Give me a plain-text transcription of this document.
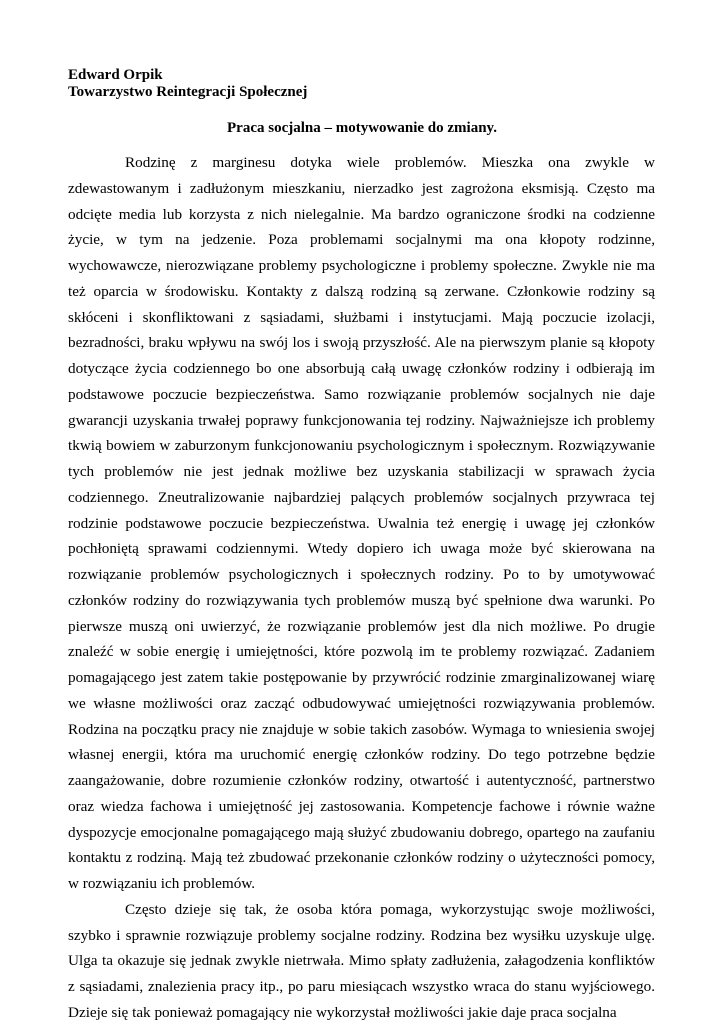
Edward Orpik
Towarzystwo Reintegracji Społecznej
Praca socjalna – motywowanie do zmiany.

Rodzinę z marginesu dotyka wiele problemów. Mieszka ona zwykle w zdewastowanym i zadłużonym mieszkaniu, nierzadko jest zagrożona eksmisją. Często ma odcięte media lub korzysta z nich nielegalnie. Ma bardzo ograniczone środki na codzienne życie, w tym na jedzenie. Poza problemami socjalnymi ma ona kłopoty rodzinne, wychowawcze, nierozwiązane problemy psychologiczne i problemy społeczne. Zwykle nie ma też oparcia w środowisku. Kontakty z dalszą rodziną są zerwane. Członkowie rodziny są skłóceni i skonfliktowani z sąsiadami, służbami i instytucjami. Mają poczucie izolacji, bezradności, braku wpływu na swój los i swoją przyszłość. Ale na pierwszym planie są kłopoty dotyczące życia codziennego bo one absorbują całą uwagę członków rodziny i odbierają im podstawowe poczucie bezpieczeństwa. Samo rozwiązanie problemów socjalnych nie daje gwarancji uzyskania trwałej poprawy funkcjonowania tej rodziny. Najważniejsze ich problemy tkwią bowiem w zaburzonym funkcjonowaniu psychologicznym i społecznym. Rozwiązywanie tych problemów nie jest jednak możliwe bez uzyskania stabilizacji w sprawach życia codziennego. Zneutralizowanie najbardziej palących problemów socjalnych przywraca tej rodzinie podstawowe poczucie bezpieczeństwa. Uwalnia też energię i uwagę jej członków pochłoniętą sprawami codziennymi. Wtedy dopiero ich uwaga może być skierowana na rozwiązanie problemów psychologicznych i społecznych rodziny. Po to by umotywować członków rodziny do rozwiązywania tych problemów muszą być spełnione dwa warunki. Po pierwsze muszą oni uwierzyć, że rozwiązanie problemów jest dla nich możliwe. Po drugie znaleźć w sobie energię i umiejętności, które pozwolą im te problemy rozwiązać. Zadaniem pomagającego jest zatem takie postępowanie by przywrócić rodzinie zmarginalizowanej wiarę we własne możliwości oraz zacząć odbudowywać umiejętności rozwiązywania problemów. Rodzina na początku pracy nie znajduje w sobie takich zasobów. Wymaga to wniesienia swojej własnej energii, która ma uruchomić energię członków rodziny. Do tego potrzebne będzie zaangażowanie, dobre rozumienie członków rodziny, otwartość i autentyczność, partnerstwo oraz wiedza fachowa i umiejętność jej zastosowania. Kompetencje fachowe i równie ważne dyspozycje emocjonalne pomagającego mają służyć zbudowaniu dobrego, opartego na zaufaniu kontaktu z rodziną. Mają też zbudować przekonanie członków rodziny o użyteczności pomocy, w rozwiązaniu ich problemów.

Często dzieje się tak, że osoba która pomaga, wykorzystując swoje możliwości, szybko i sprawnie rozwiązuje problemy socjalne rodziny. Rodzina bez wysiłku uzyskuje ulgę. Ulga ta okazuje się jednak zwykle nietrwała. Mimo spłaty zadłużenia, załagodzenia konfliktów z sąsiadami, znalezienia pracy itp., po paru miesiącach wszystko wraca do stanu wyjściowego. Dzieje się tak ponieważ pomagający nie wykorzystał możliwości jakie daje praca socjalna
